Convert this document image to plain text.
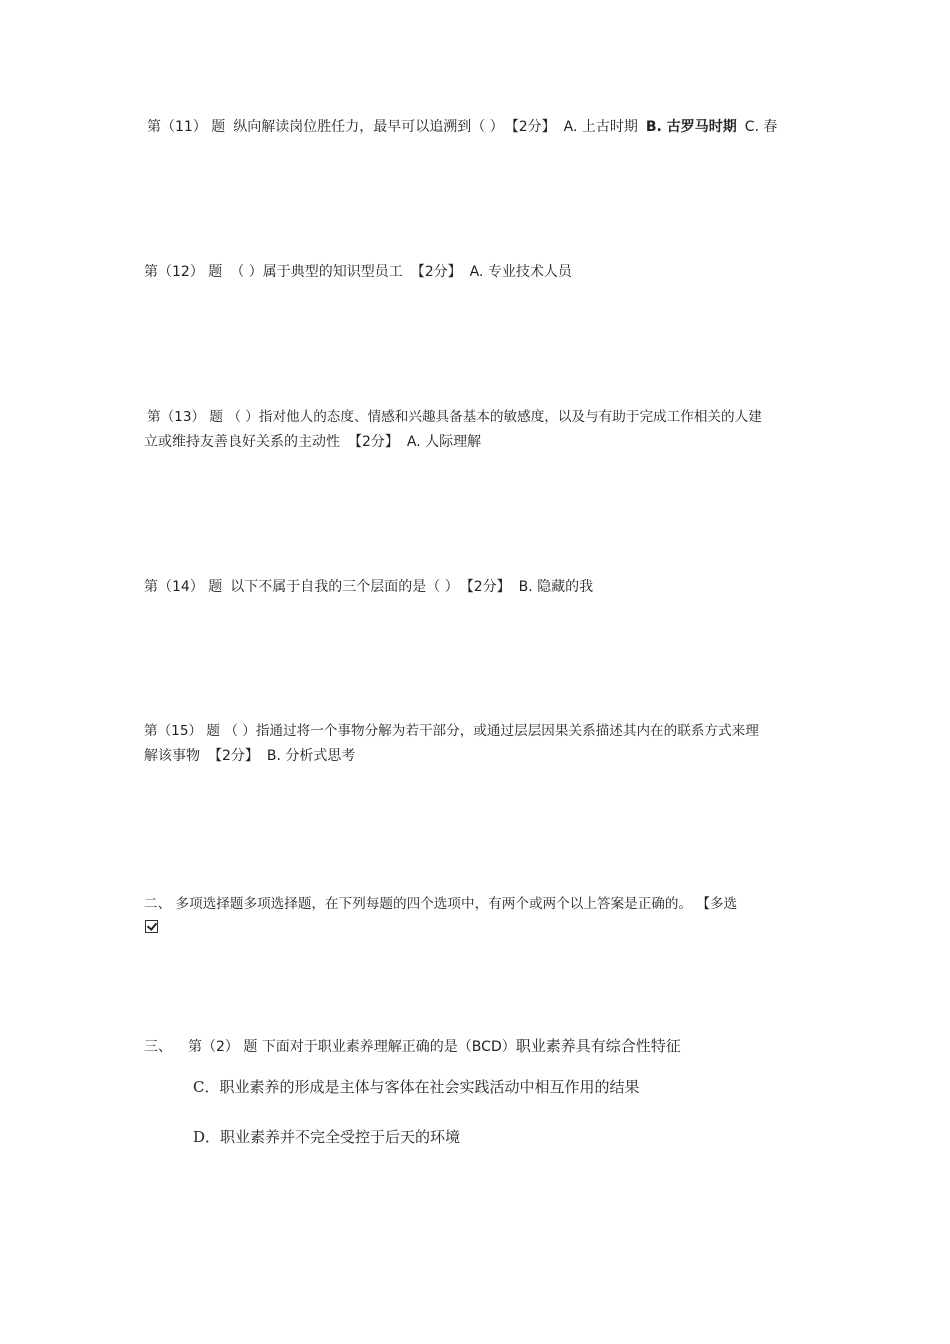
第（11） 题 纵向解读岗位胜任力，最早可以追溯到（ ） 【2分】 A. 上古时期 B. 古罗马时期 C. 春
第（12） 题 （ ）属于典型的知识型员工 【2分】 A. 专业技术人员
第（13） 题 （ ）指对他人的态度、情感和兴趣具备基本的敏感度，以及与有助于完成工作相关的人建
立或维持友善良好关系的主动性 【2分】 A. 人际理解
第（14） 题 以下不属于自我的三个层面的是（ ） 【2分】 B. 隐藏的我
第（15） 题 （ ）指通过将一个事物分解为若干部分，或通过层层因果关系描述其内在的联系方式来理
解该事物 【2分】 B. 分析式思考
二、 多项选择题多项选择题，在下列每题的四个选项中，有两个或两个以上答案是正确的。 【多选
三、 第（2） 题 下面对于职业素养理解正确的是（BCD）职业素养具有综合性特征
C．职业素养的形成是主体与客体在社会实践活动中相互作用的结果
D．职业素养并不完全受控于后天的环境
